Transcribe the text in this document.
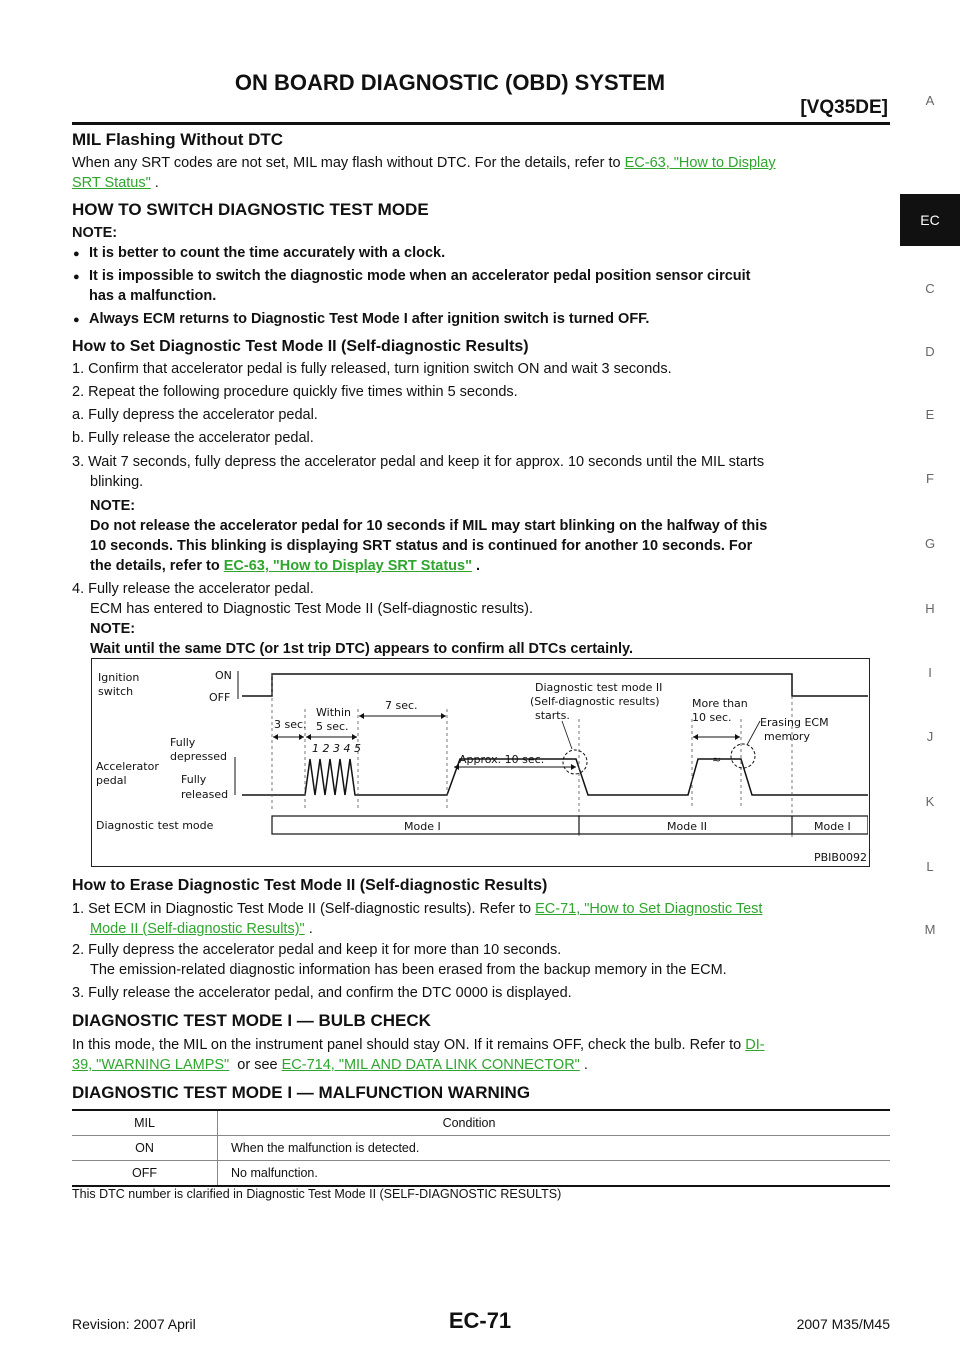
ON BOARD DIAGNOSTIC (OBD) SYSTEM
[VQ35DE]	A
EC
C
D
E
F
G
H
I
J
K
L
M
MIL Flashing Without DTC
When any SRT codes are not set, MIL may flash without DTC. For the details, refer to EC-63, "How to Display
SRT Status" .
HOW TO SWITCH DIAGNOSTIC TEST MODE
NOTE:
● It is better to count the time accurately with a clock.
● It is impossible to switch the diagnostic mode when an accelerator pedal position sensor circuit
has a malfunction.
● Always ECM returns to Diagnostic Test Mode I after ignition switch is turned OFF.
How to Set Diagnostic Test Mode II (Self-diagnostic Results)
1. Confirm that accelerator pedal is fully released, turn ignition switch ON and wait 3 seconds.
2. Repeat the following procedure quickly five times within 5 seconds.
a. Fully depress the accelerator pedal.
b. Fully release the accelerator pedal.
3. Wait 7 seconds, fully depress the accelerator pedal and keep it for approx. 10 seconds until the MIL starts
blinking.
NOTE:
Do not release the accelerator pedal for 10 seconds if MIL may start blinking on the halfway of this
10 seconds. This blinking is displaying SRT status and is continued for another 10 seconds. For
the details, refer to EC-63, "How to Display SRT Status" .
4. Fully release the accelerator pedal.
ECM has entered to Diagnostic Test Mode II (Self-diagnostic results).
NOTE:
Wait until the same DTC (or 1st trip DTC) appears to confirm all DTCs certainly.
Ignition
switch
ON
OFF
Fully
depressed
Accelerator
pedal	Fully
released
Diagnostic test mode
≈
3 sec.
Within
5 sec.
7 sec.
1 2 3 4 5
Approx. 10 sec.
More than
10 sec.
Diagnostic test mode II
(Self-diagnostic results)
starts.
Erasing ECM
memory
Mode I	Mode II	Mode I
PBIB0092E
How to Erase Diagnostic Test Mode II (Self-diagnostic Results)
1. Set ECM in Diagnostic Test Mode II (Self-diagnostic results). Refer to EC-71, "How to Set Diagnostic Test
Mode II (Self-diagnostic Results)" .
2. Fully depress the accelerator pedal and keep it for more than 10 seconds.
The emission-related diagnostic information has been erased from the backup memory in the ECM.
3. Fully release the accelerator pedal, and confirm the DTC 0000 is displayed.
DIAGNOSTIC TEST MODE I — BULB CHECK
In this mode, the MIL on the instrument panel should stay ON. If it remains OFF, check the bulb. Refer to DI-
39, "WARNING LAMPS"  or see EC-714, "MIL AND DATA LINK CONNECTOR" .
DIAGNOSTIC TEST MODE I — MALFUNCTION WARNING
MIL	Condition
ON	When the malfunction is detected.
OFF	No malfunction.
This DTC number is clarified in Diagnostic Test Mode II (SELF-DIAGNOSTIC RESULTS)
Revision: 2007 April	EC-71	2007 M35/M45
